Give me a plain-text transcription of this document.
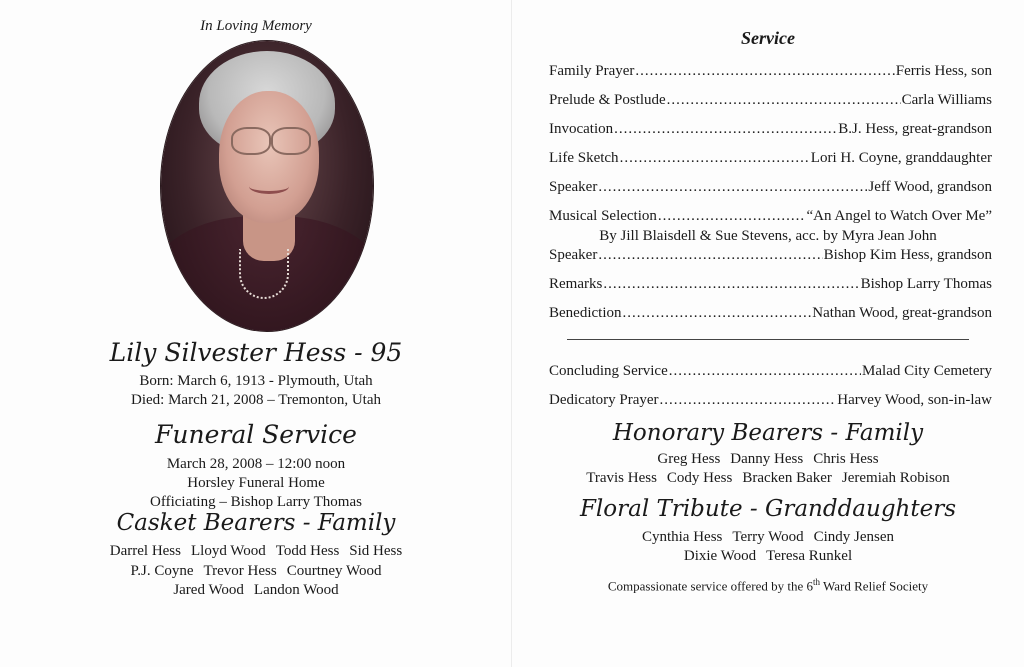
In Loving Memory
Lily Silvester Hess - 95
Born: March 6, 1913 - Plymouth, Utah
Died: March 21, 2008 – Tremonton, Utah
Funeral Service
March 28, 2008 – 12:00 noon
Horsley Funeral Home
Officiating – Bishop Larry Thomas
Casket Bearers - Family
Darrel Hess Lloyd Wood Todd Hess Sid Hess
P.J. Coyne Trevor Hess Courtney Wood
Jared Wood Landon Wood
Service
Family Prayer .....	Ferris Hess, son
Prelude & Postlude .....	Carla Williams
Invocation .....	B.J. Hess, great-grandson
Life Sketch .....	Lori H. Coyne, granddaughter
Speaker .....	Jeff Wood, grandson
Musical Selection .....	“An Angel to Watch Over Me”
By Jill Blaisdell & Sue Stevens, acc. by Myra Jean John
Speaker .....	Bishop Kim Hess, grandson
Remarks .....	Bishop Larry Thomas
Benediction .....	Nathan Wood, great-grandson
Concluding Service .....	Malad City Cemetery
Dedicatory Prayer .....	Harvey Wood, son-in-law
Honorary Bearers - Family
Greg Hess Danny Hess Chris Hess
Travis Hess Cody Hess Bracken Baker Jeremiah Robison
Floral Tribute - Granddaughters
Cynthia Hess Terry Wood Cindy Jensen
Dixie Wood Teresa Runkel
Compassionate service offered by the 6th Ward Relief Society
